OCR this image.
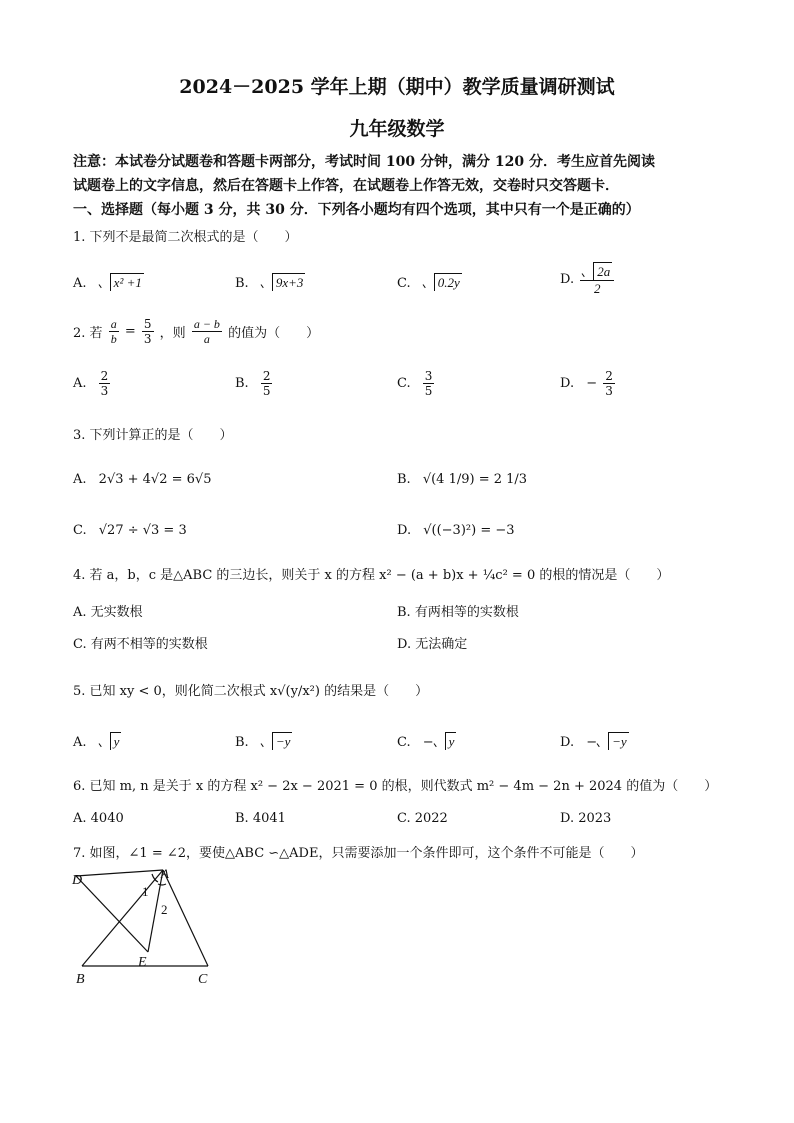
2024－2025 学年上期（期中）教学质量调研测试
九年级数学
注意：本试卷分试题卷和答题卡两部分，考试时间 100 分钟，满分 120 分．考生应首先阅读
试题卷上的文字信息，然后在答题卡上作答，在试题卷上作答无效，交卷时只交答题卡．
一、选择题（每小题 3 分，共 30 分．下列各小题均有四个选项，其中只有一个是正确的）
1. 下列不是最简二次根式的是（　　）
A. x² +1	B. 9x+3	C. 0.2y	D. $\frac{2a}{2}$
2. 若 $\frac{a}{b} = \frac{5}{3}$ ，则 $\frac{a - b}{a}$ 的值为（　　）
A. $\frac{2}{3}$	B. $\frac{2}{5}$	C. $\frac{3}{5}$	D. − $\frac{2}{3}$
3. 下列计算正的是（　　）
A. 2√3 + 4√2 = 6√5	B. √(4 1/9) = 2 1/3
C. √27 ÷ √3 = 3	D. √((−3)²) = −3
4. 若 a，b，c 是△ABC 的三边长，则关于 x 的方程 x² − (a + b)x + ¼c² = 0 的根的情况是（　　）
A. 无实数根	B. 有两相等的实数根
C. 有两不相等的实数根	D. 无法确定
5. 已知 xy < 0，则化简二次根式 x√(y/x²) 的结果是（　　）
A. y	B. −y	C. − y	D. − −y
6. 已知 m, n 是关于 x 的方程 x² − 2x − 2021 = 0 的根，则代数式 m² − 4m − 2n + 2024 的值为（　　）
A. 4040	B. 4041	C. 2022	D. 2023
7. 如图，∠1 = ∠2，要使△ABC ∽△ADE，只需要添加一个条件即可，这个条件不可能是（　　）
D	A
1
2
B
E
C
